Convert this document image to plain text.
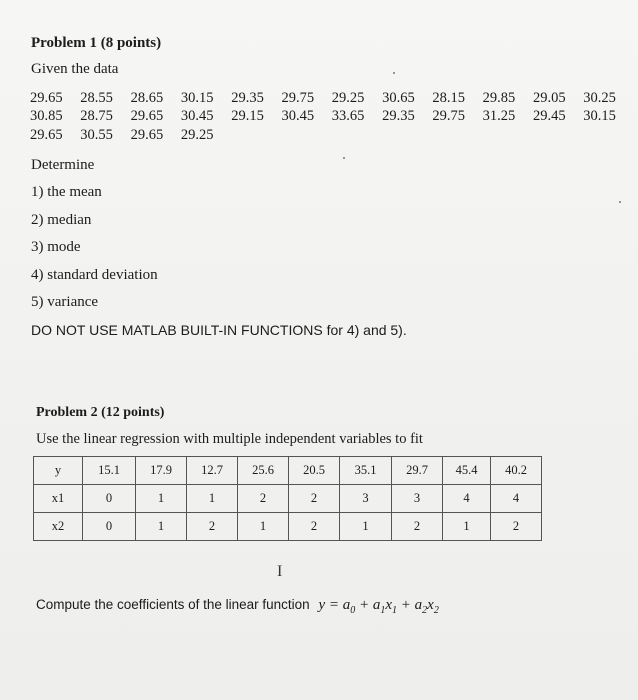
Problem 1 (8 points)
Given the data
29.65	28.55	28.65	30.15	29.35	29.75	29.25	30.65	28.15	29.85	29.05	30.25
30.85	28.75	29.65	30.45	29.15	30.45	33.65	29.35	29.75	31.25	29.45	30.15
29.65	30.55	29.65	29.25
Determine
1) the mean
2) median
3) mode
4) standard deviation
5) variance
DO NOT USE MATLAB BUILT-IN FUNCTIONS for 4) and 5).
Problem 2 (12 points)
Use the linear regression with multiple independent variables to fit
y	15.1	17.9	12.7	25.6	20.5	35.1	29.7	45.4	40.2
x1	0	1	1	2	2	3	3	4	4
x2	0	1	2	1	2	1	2	1	2
I
Compute the coefficients of the linear function $y = a_0 + a_1x_1 + a_2x_2$
